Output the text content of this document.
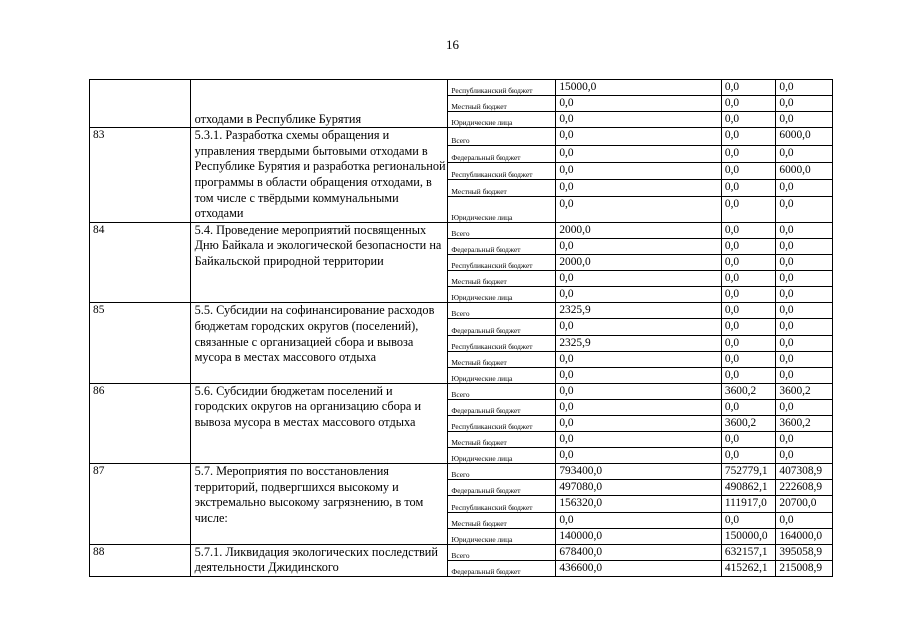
16
	отходами в Республике Бурятия	Республиканский бюджет	15000,0	0,0	0,0
		Местный бюджет	0,0	0,0	0,0
		Юридические лица	0,0	0,0	0,0
83	5.3.1. Разработка схемы обращения и управления твердыми бытовыми отходами в Республике Бурятия и разработка региональной программы в области обращения отходами, в том числе с твёрдыми коммунальными отходами	Всего	0,0	0,0	6000,0
		Федеральный бюджет	0,0	0,0	0,0
		Республиканский бюджет	0,0	0,0	6000,0
		Местный бюджет	0,0	0,0	0,0
		Юридические лица	0,0	0,0	0,0
84	5.4. Проведение мероприятий посвященных Дню Байкала и экологической безопасности на Байкальской природной территории	Всего	2000,0	0,0	0,0
		Федеральный бюджет	0,0	0,0	0,0
		Республиканский бюджет	2000,0	0,0	0,0
		Местный бюджет	0,0	0,0	0,0
		Юридические лица	0,0	0,0	0,0
85	5.5. Субсидии на софинансирование расходов бюджетам городских округов (поселений), связанные с организацией сбора и вывоза мусора в местах массового отдыха	Всего	2325,9	0,0	0,0
		Федеральный бюджет	0,0	0,0	0,0
		Республиканский бюджет	2325,9	0,0	0,0
		Местный бюджет	0,0	0,0	0,0
		Юридические лица	0,0	0,0	0,0
86	5.6. Субсидии бюджетам поселений и городских округов на организацию сбора и вывоза мусора в местах массового отдыха	Всего	0,0	3600,2	3600,2
		Федеральный бюджет	0,0	0,0	0,0
		Республиканский бюджет	0,0	3600,2	3600,2
		Местный бюджет	0,0	0,0	0,0
		Юридические лица	0,0	0,0	0,0
87	5.7. Мероприятия по восстановления территорий, подвергшихся высокому и экстремально высокому загрязнению, в том числе:	Всего	793400,0	752779,1	407308,9
		Федеральный бюджет	497080,0	490862,1	222608,9
		Республиканский бюджет	156320,0	111917,0	20700,0
		Местный бюджет	0,0	0,0	0,0
		Юридические лица	140000,0	150000,0	164000,0
88	5.7.1. Ликвидация экологических последствий деятельности Джидинского	Всего	678400,0	632157,1	395058,9
		Федеральный бюджет	436600,0	415262,1	215008,9
